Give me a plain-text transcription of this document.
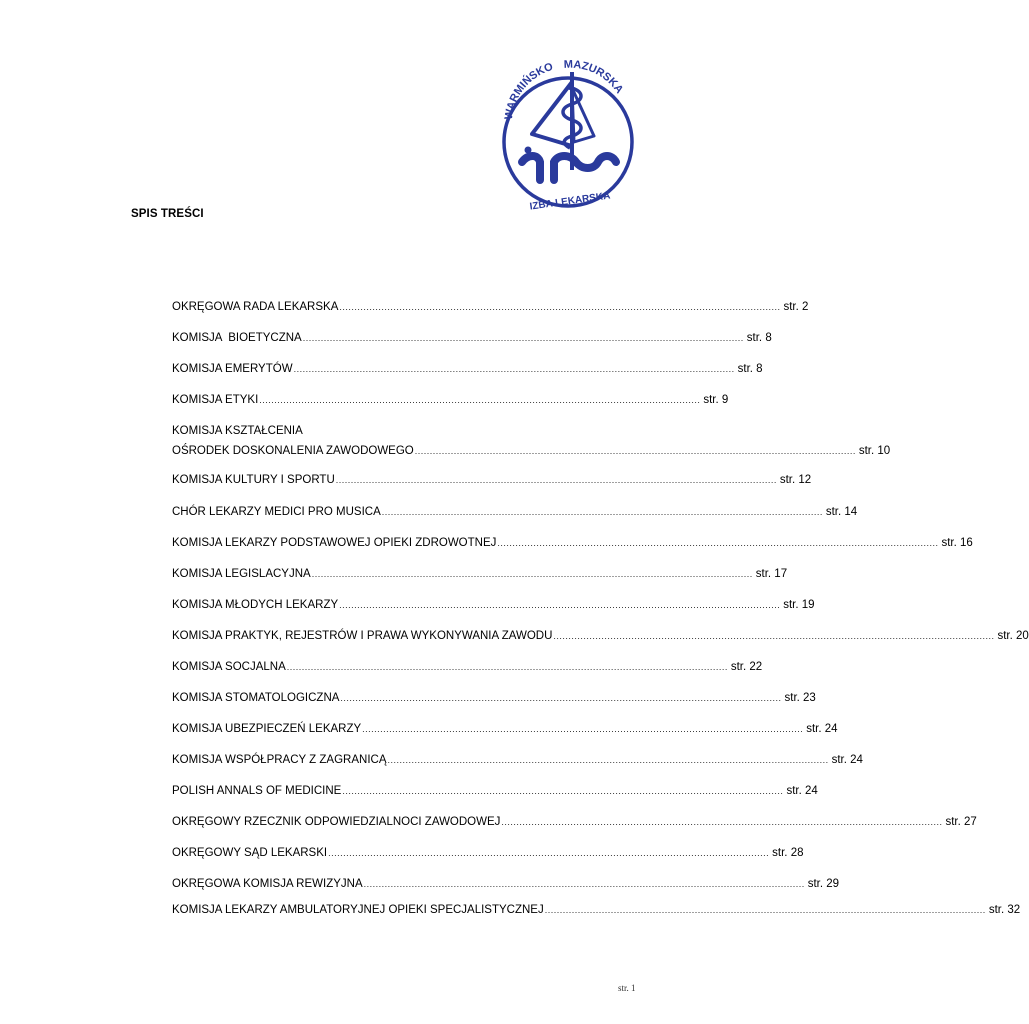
WARMIŃSKO MAZURSKA
IZBA LEKARSKA
SPIS TREŚCI
OKRĘGOWA RADA LEKARSKA ................................................................................................................................................... str. 2
KOMISJA  BIOETYCZNA ................................................................................................................................................... str. 8
KOMISJA EMERYTÓW ................................................................................................................................................... str. 8
KOMISJA ETYKI ................................................................................................................................................... str. 9
KOMISJA KSZTAŁCENIA
OŚRODEK DOSKONALENIA ZAWODOWEGO ................................................................................................................................................... str. 10
KOMISJA KULTURY I SPORTU ................................................................................................................................................... str. 12
CHÓR LEKARZY MEDICI PRO MUSICA ................................................................................................................................................... str. 14
KOMISJA LEKARZY PODSTAWOWEJ OPIEKI ZDROWOTNEJ ................................................................................................................................................... str. 16
KOMISJA LEGISLACYJNA ................................................................................................................................................... str. 17
KOMISJA MŁODYCH LEKARZY ................................................................................................................................................... str. 19
KOMISJA PRAKTYK, REJESTRÓW I PRAWA WYKONYWANIA ZAWODU ................................................................................................................................................... str. 20
KOMISJA SOCJALNA ................................................................................................................................................... str. 22
KOMISJA STOMATOLOGICZNA ................................................................................................................................................... str. 23
KOMISJA UBEZPIECZEŃ LEKARZY ................................................................................................................................................... str. 24
KOMISJA WSPÓŁPRACY Z ZAGRANICĄ ................................................................................................................................................... str. 24
POLISH ANNALS OF MEDICINE ................................................................................................................................................... str. 24
OKRĘGOWY RZECZNIK ODPOWIEDZIALNOCI ZAWODOWEJ ................................................................................................................................................... str. 27
OKRĘGOWY SĄD LEKARSKI ................................................................................................................................................... str. 28
OKRĘGOWA KOMISJA REWIZYJNA ................................................................................................................................................... str. 29
KOMISJA LEKARZY AMBULATORYJNEJ OPIEKI SPECJALISTYCZNEJ ................................................................................................................................................... str. 32
str. 1
